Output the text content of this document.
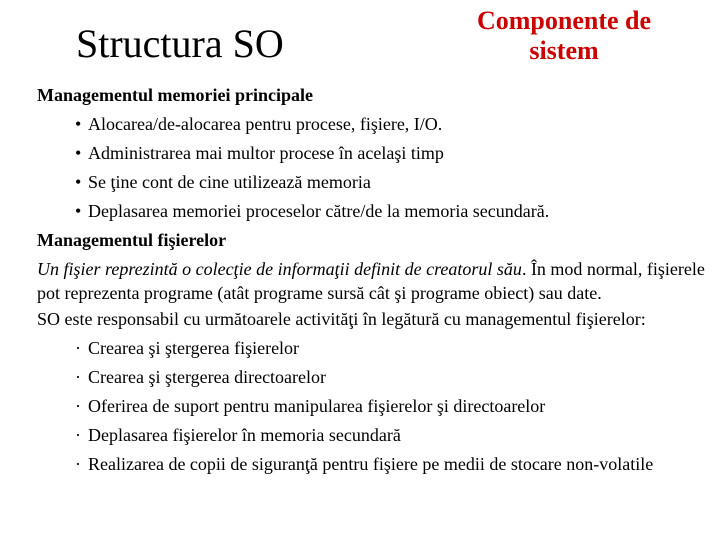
Structura SO
Componente de sistem
Managementul memoriei principale
• Alocarea/de-alocarea pentru procese, fişiere, I/O.
• Administrarea mai multor procese în acelaşi timp
• Se ţine cont de cine utilizează memoria
• Deplasarea memoriei proceselor către/de la memoria secundară.
Managementul fişierelor
Un fişier reprezintă o colecţie de informaţii definit de creatorul său. În mod normal, fişierele pot reprezenta programe (atât programe sursă cât şi programe obiect) sau date.
SO este responsabil cu următoarele activităţi în legătură cu managementul fişierelor:
· Crearea şi ştergerea fişierelor
· Crearea şi ştergerea directoarelor
· Oferirea de suport pentru manipularea fişierelor şi directoarelor
· Deplasarea fişierelor în memoria secundară
· Realizarea de copii de siguranţă pentru fişiere pe medii de stocare non-volatile
